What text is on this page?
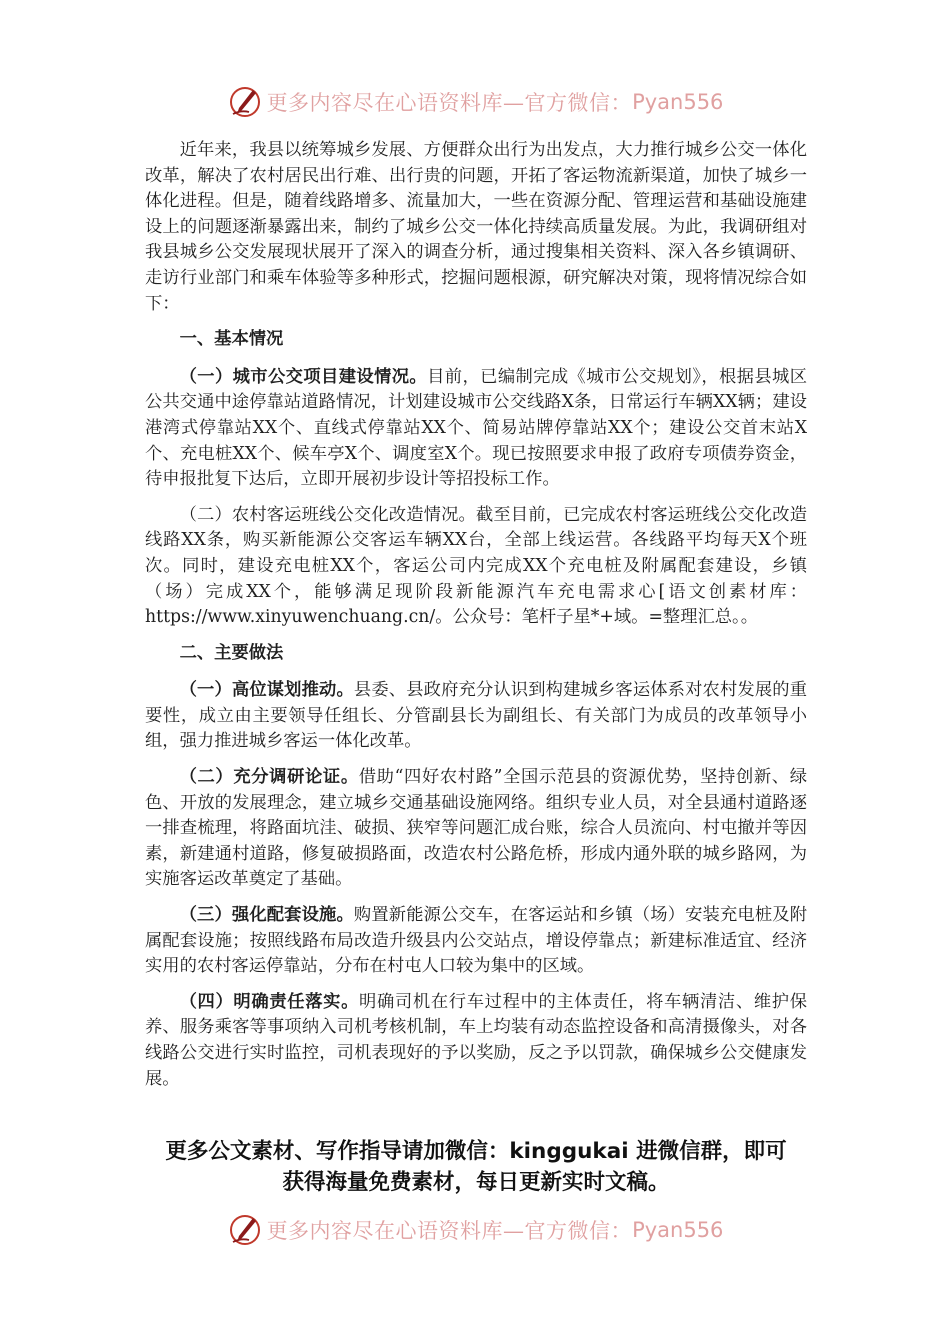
更多内容尽在心语资料库—官方微信： Pyan556

近年来，我县以统筹城乡发展、方便群众出行为出发点，大力推行城乡公交一体化改革，解决了农村居民出行难、出行贵的问题，开拓了客运物流新渠道，加快了城乡一体化进程。但是，随着线路增多、流量加大，一些在资源分配、管理运营和基础设施建设上的问题逐渐暴露出来，制约了城乡公交一体化持续高质量发展。为此，我调研组对我县城乡公交发展现状展开了深入的调查分析，通过搜集相关资料、深入各乡镇调研、走访行业部门和乘车体验等多种形式，挖掘问题根源，研究解决对策，现将情况综合如下：

一、基本情况

（一）城市公交项目建设情况。目前，已编制完成《城市公交规划》，根据县城区公共交通中途停靠站道路情况，计划建设城市公交线路X条，日常运行车辆XX辆；建设港湾式停靠站XX个、直线式停靠站XX个、简易站牌停靠站XX个；建设公交首末站X个、充电桩XX个、候车亭X个、调度室X个。现已按照要求申报了政府专项债券资金，待申报批复下达后，立即开展初步设计等招投标工作。

（二）农村客运班线公交化改造情况。截至目前，已完成农村客运班线公交化改造线路XX条，购买新能源公交客运车辆XX台，全部上线运营。各线路平均每天X个班次。同时，建设充电桩XX个，客运公司内完成XX个充电桩及附属配套建设，乡镇（场）完成XX个，能够满足现阶段新能源汽车充电需求心[语文创素材库：https://www.xinyuwenchuang.cn/。公众号：笔杆子星*+域。=整理汇总。。

二、主要做法

（一）高位谋划推动。县委、县政府充分认识到构建城乡客运体系对农村发展的重要性，成立由主要领导任组长、分管副县长为副组长、有关部门为成员的改革领导小组，强力推进城乡客运一体化改革。

（二）充分调研论证。借助“四好农村路”全国示范县的资源优势，坚持创新、绿色、开放的发展理念，建立城乡交通基础设施网络。组织专业人员，对全县通村道路逐一排查梳理，将路面坑洼、破损、狭窄等问题汇成台账，综合人员流向、村屯撤并等因素，新建通村道路，修复破损路面，改造农村公路危桥，形成内通外联的城乡路网，为实施客运改革奠定了基础。

（三）强化配套设施。购置新能源公交车，在客运站和乡镇（场）安装充电桩及附属配套设施；按照线路布局改造升级县内公交站点，增设停靠点；新建标准适宜、经济实用的农村客运停靠站，分布在村屯人口较为集中的区域。

（四）明确责任落实。明确司机在行车过程中的主体责任，将车辆清洁、维护保养、服务乘客等事项纳入司机考核机制，车上均装有动态监控设备和高清摄像头，对各线路公交进行实时监控，司机表现好的予以奖励，反之予以罚款，确保城乡公交健康发展。

更多公文素材、写作指导请加微信：kinggukai 进微信群，即可
获得海量免费素材，每日更新实时文稿。
更多内容尽在心语资料库—官方微信： Pyan556
